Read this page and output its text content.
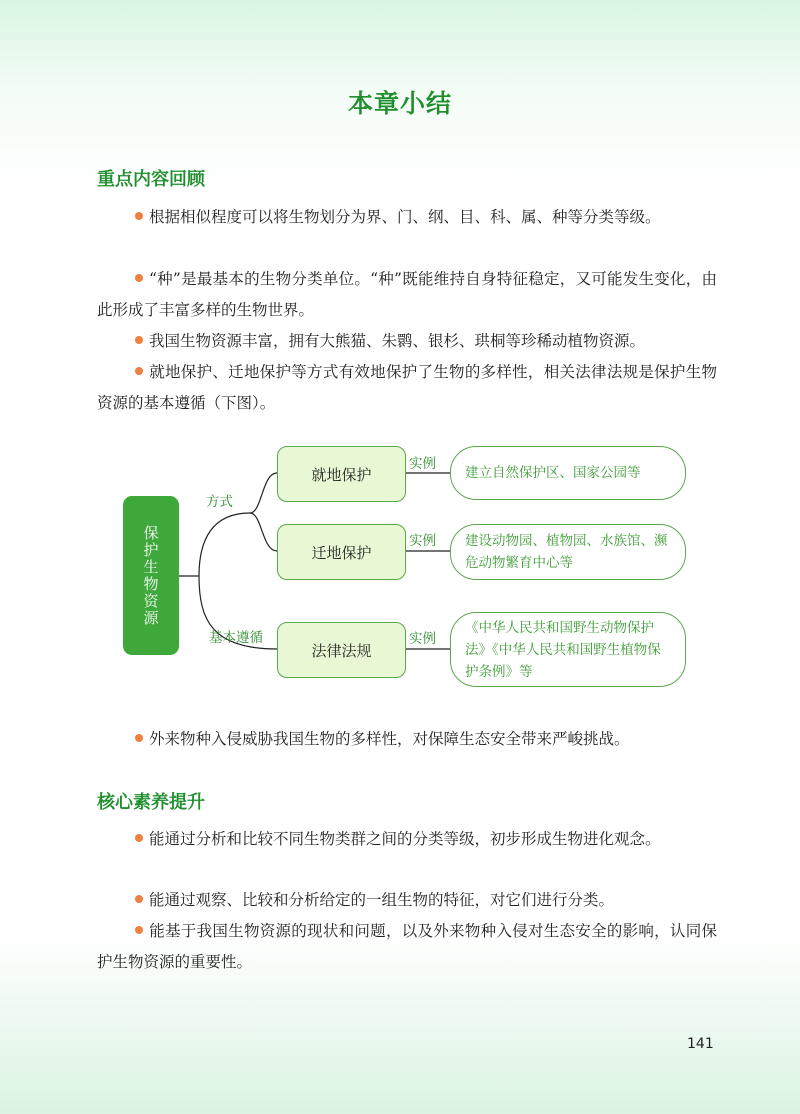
本章小结
重点内容回顾
根据相似程度可以将生物划分为界、门、纲、目、科、属、种等分类等级。
“种”是最基本的生物分类单位。“种”既能维持自身特征稳定，又可能发生变化，由此形成了丰富多样的生物世界。
我国生物资源丰富，拥有大熊猫、朱鹮、银杉、珙桐等珍稀动植物资源。
就地保护、迁地保护等方式有效地保护了生物的多样性，相关法律法规是保护生物资源的基本遵循（下图）。
保护生物资源
方式
基本遵循
就地保护
迁地保护
法律法规
实例
实例
实例
建立自然保护区、国家公园等
建设动物园、植物园、水族馆、濒危动物繁育中心等
《中华人民共和国野生动物保护法》《中华人民共和国野生植物保护条例》等
外来物种入侵威胁我国生物的多样性，对保障生态安全带来严峻挑战。
核心素养提升
能通过分析和比较不同生物类群之间的分类等级，初步形成生物进化观念。
能通过观察、比较和分析给定的一组生物的特征，对它们进行分类。
能基于我国生物资源的现状和问题，以及外来物种入侵对生态安全的影响，认同保护生物资源的重要性。
141
